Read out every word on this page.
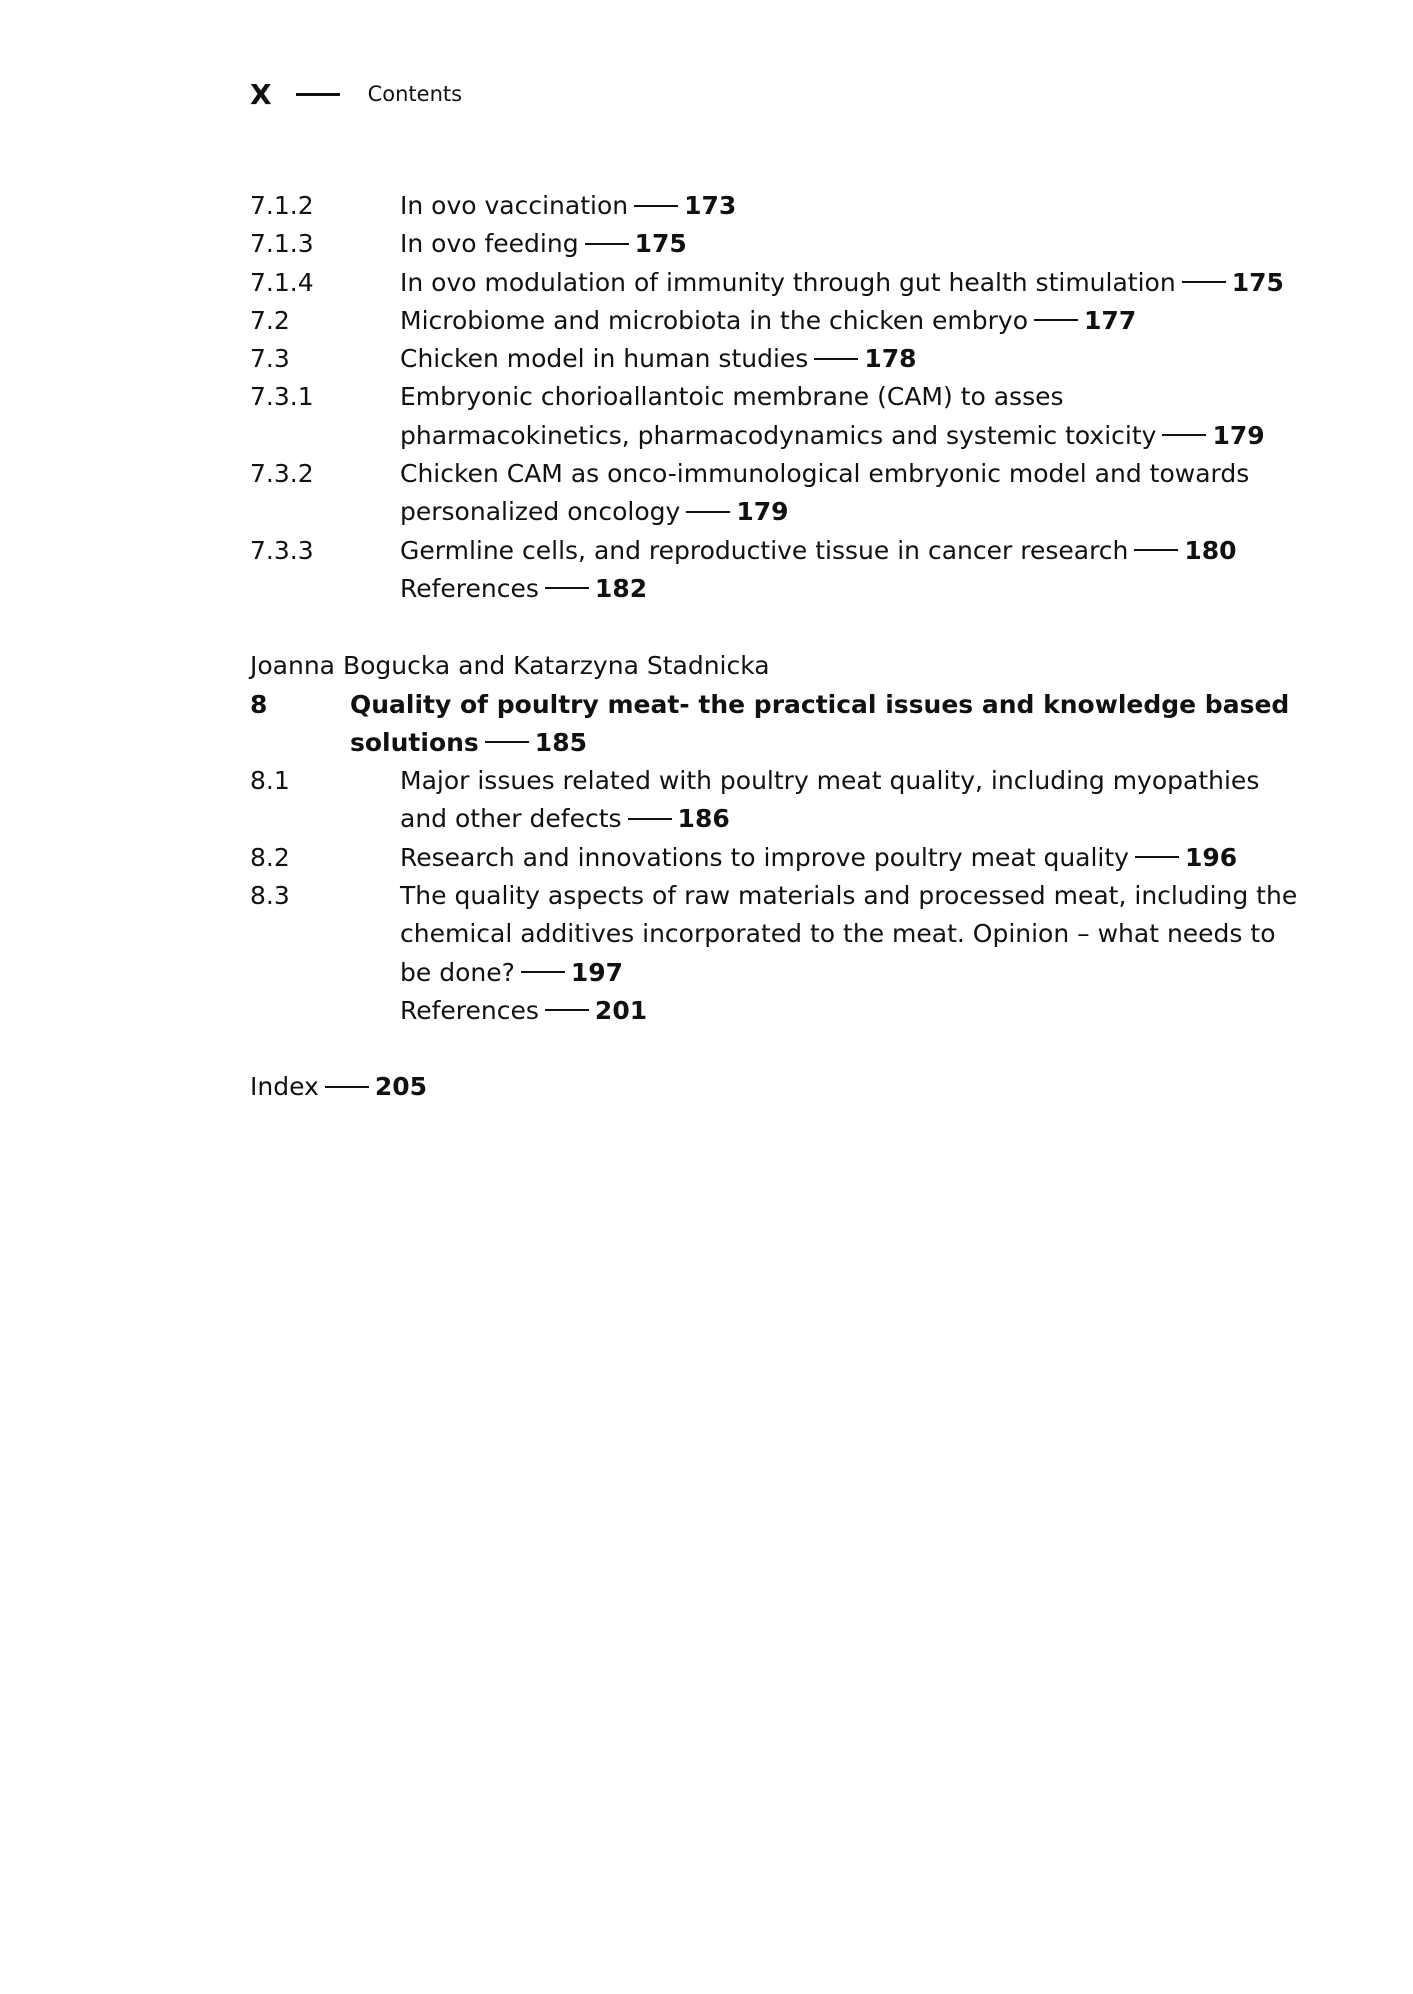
X	Contents
7.1.2	In ovo vaccination 173
7.1.3	In ovo feeding 175
7.1.4	In ovo modulation of immunity through gut health stimulation 175
7.2	Microbiome and microbiota in the chicken embryo 177
7.3	Chicken model in human studies 178
7.3.1	Embryonic chorioallantoic membrane (CAM) to asses pharmacokinetics, pharmacodynamics and systemic toxicity 179
7.3.2	Chicken CAM as onco-immunological embryonic model and towards personalized oncology 179
7.3.3	Germline cells, and reproductive tissue in cancer research 180
References 182
Joanna Bogucka and Katarzyna Stadnicka
8	Quality of poultry meat- the practical issues and knowledge based solutions 185
8.1	Major issues related with poultry meat quality, including myopathies and other defects 186
8.2	Research and innovations to improve poultry meat quality 196
8.3	The quality aspects of raw materials and processed meat, including the chemical additives incorporated to the meat. Opinion – what needs to be done? 197
References 201
Index 205
